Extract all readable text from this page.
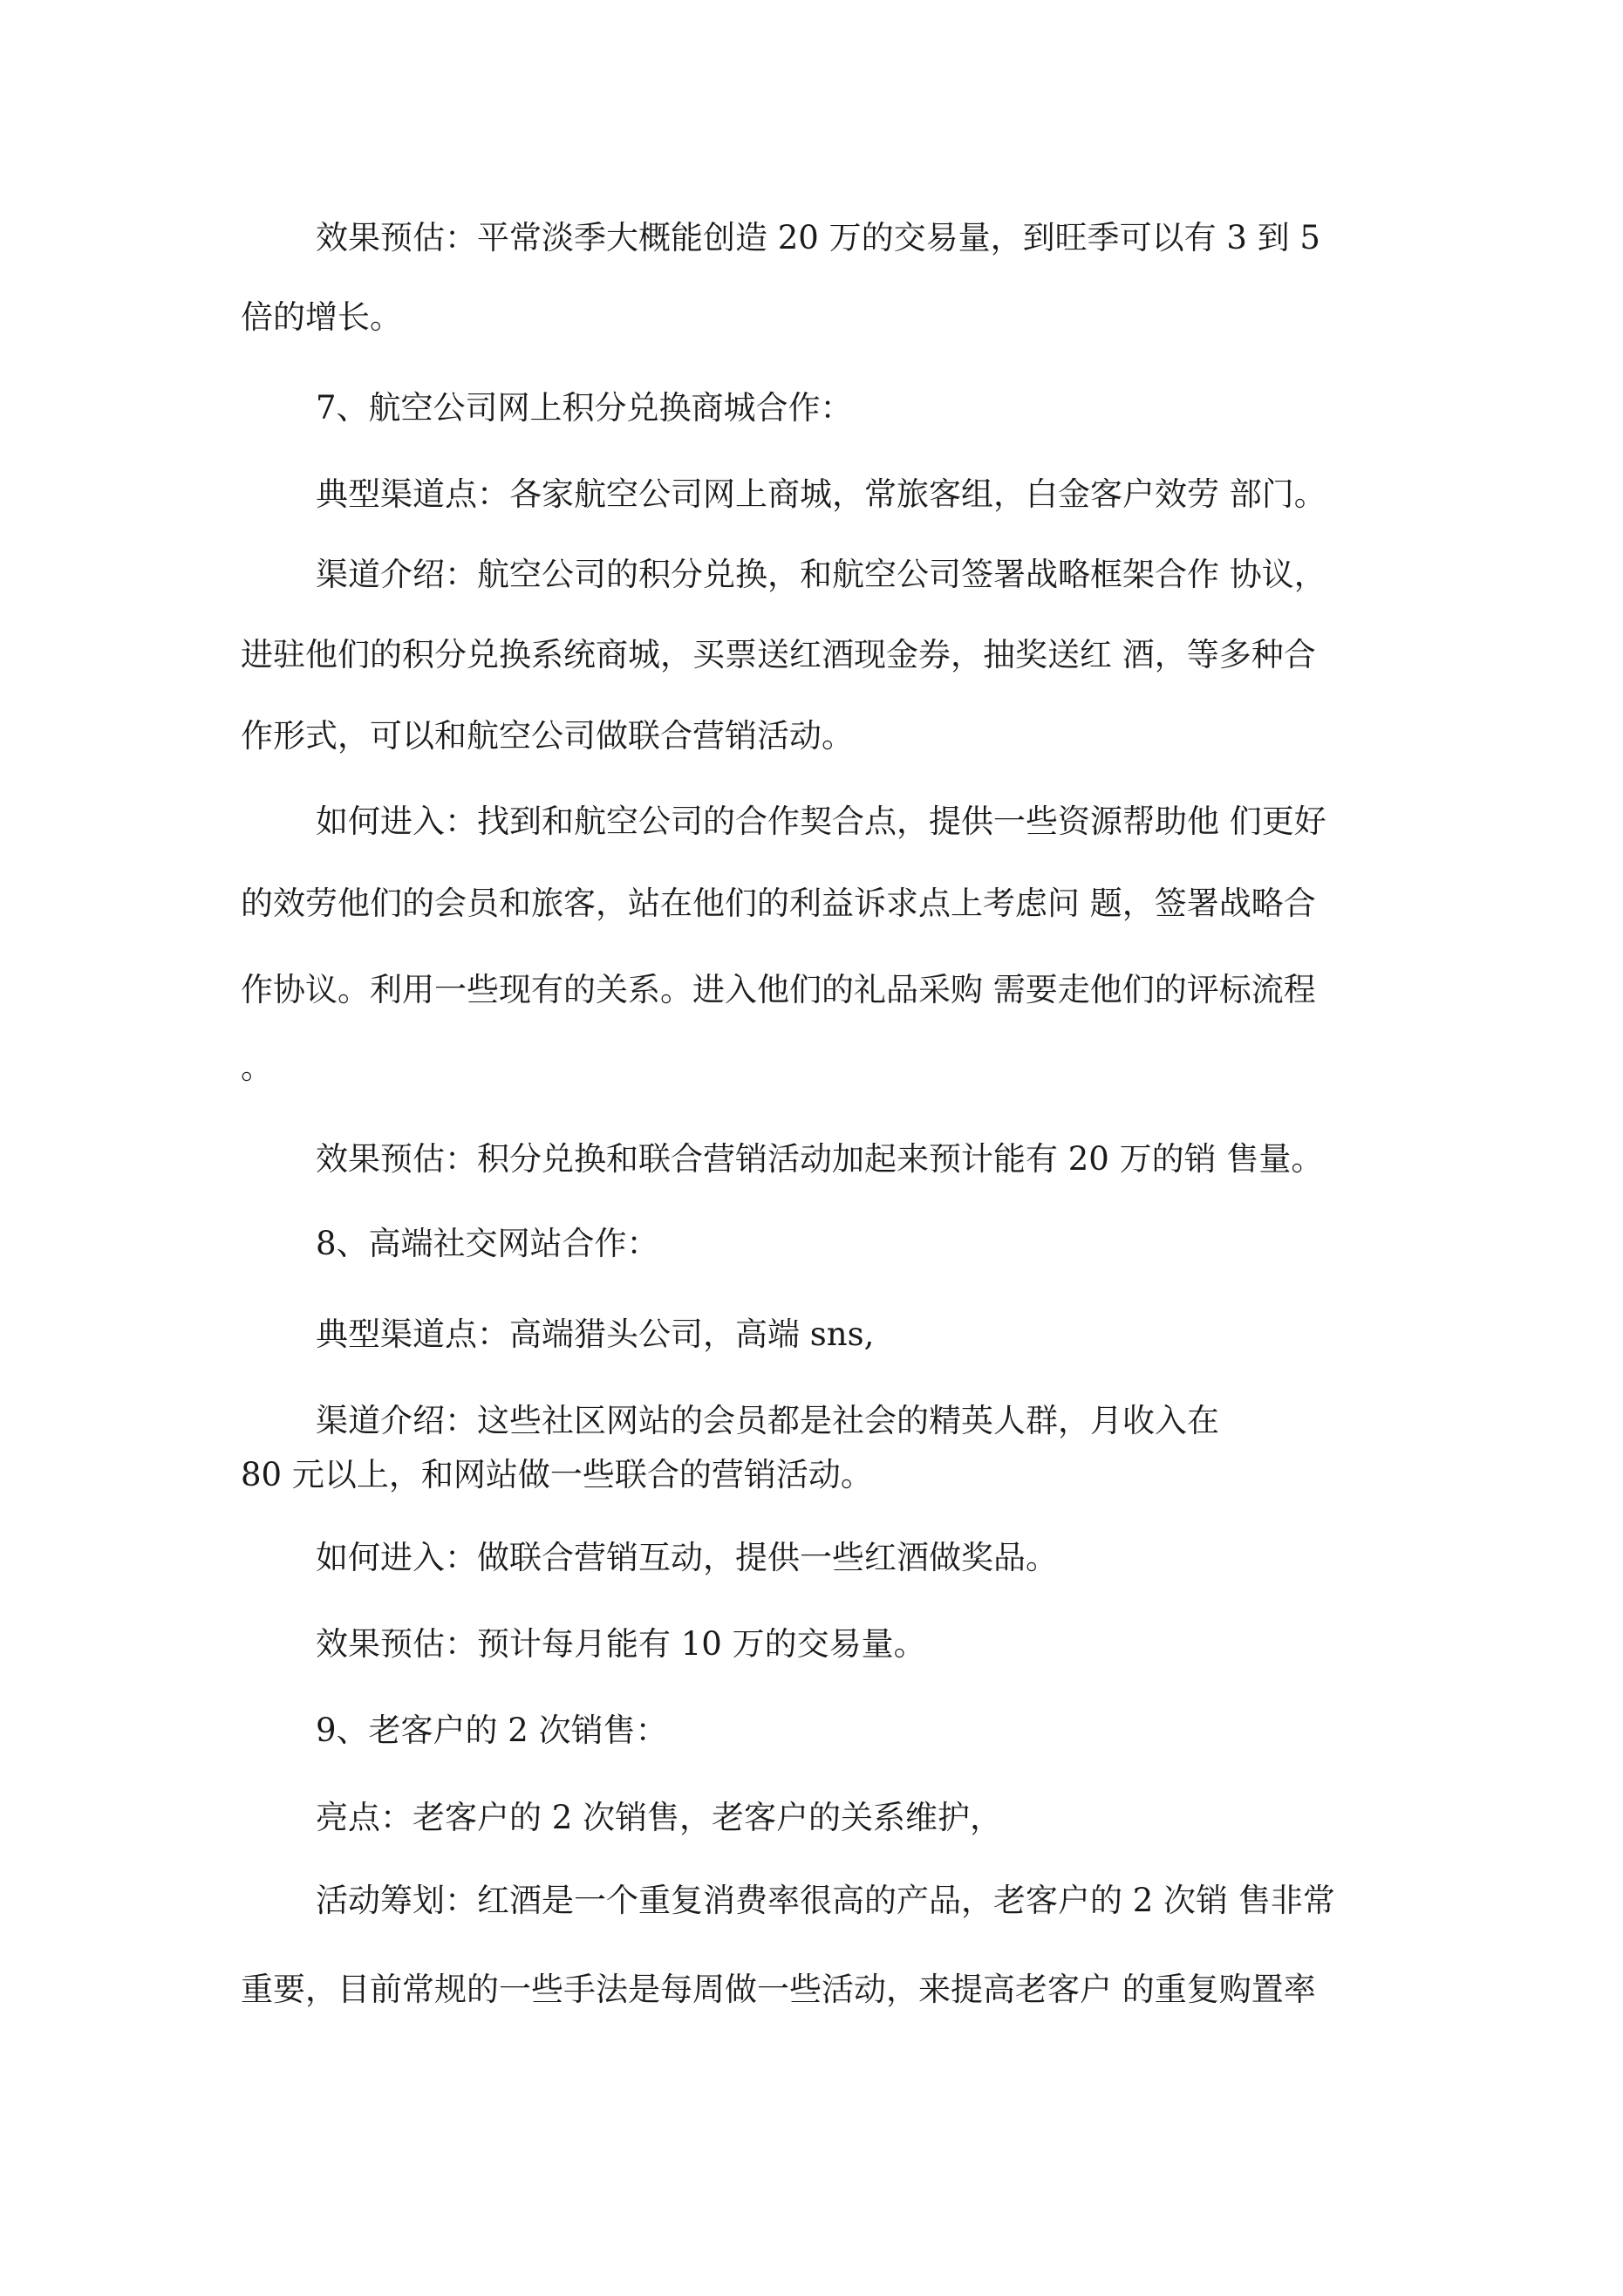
效果预估：平常淡季大概能创造 20 万的交易量，到旺季可以有 3 到 5

倍的增长。

7、航空公司网上积分兑换商城合作：

典型渠道点：各家航空公司网上商城，常旅客组，白金客户效劳 部门。

渠道介绍：航空公司的积分兑换，和航空公司签署战略框架合作 协议，

进驻他们的积分兑换系统商城，买票送红酒现金券，抽奖送红 酒，等多种合

作形式，可以和航空公司做联合营销活动。

如何进入：找到和航空公司的合作契合点，提供一些资源帮助他 们更好

的效劳他们的会员和旅客，站在他们的利益诉求点上考虑问 题，签署战略合

作协议。利用一些现有的关系。进入他们的礼品采购 需要走他们的评标流程

。

效果预估：积分兑换和联合营销活动加起来预计能有 20 万的销 售量。

8、高端社交网站合作：

典型渠道点：高端猎头公司，高端 sns,

渠道介绍：这些社区网站的会员都是社会的精英人群，月收入在

80 元以上，和网站做一些联合的营销活动。

如何进入：做联合营销互动，提供一些红酒做奖品。

效果预估：预计每月能有 10 万的交易量。

9、老客户的 2 次销售：

亮点：老客户的 2 次销售，老客户的关系维护，

活动筹划：红酒是一个重复消费率很高的产品，老客户的 2 次销 售非常

重要，目前常规的一些手法是每周做一些活动，来提高老客户 的重复购置率
